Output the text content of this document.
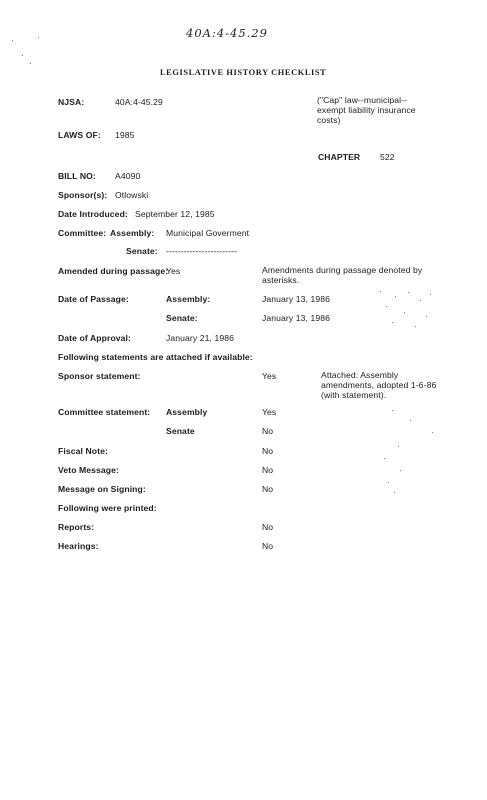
40A:4-45.29
LEGISLATIVE HISTORY CHECKLIST
NJSA:	40A:4-45.29	("Cap" law--municipal--exempt liability insurance costs)
LAWS OF: 1985
CHAPTER 522
BILL NO: A4090
Sponsor(s): Otlowski
Date Introduced: September 12, 1985
Committee: Assembly: Municipal Goverment
Senate: ------------------------
Amended during passage:
Yes	Amendments during passage denoted by asterisks.
Date of Passage:	Assembly:	January 13, 1986
Senate:	January 13, 1986
Date of Approval:	January 21, 1986
Following statements are attached if available:
Sponsor statement:	Yes	Attached: Assembly amendments, adopted 1-6-86 (with statement).
Committee statement: Assembly	Yes
Senate	No
Fiscal Note:	No
Veto Message:	No
Message on Signing:	No
Following were printed:
Reports:	No
Hearings:	No
